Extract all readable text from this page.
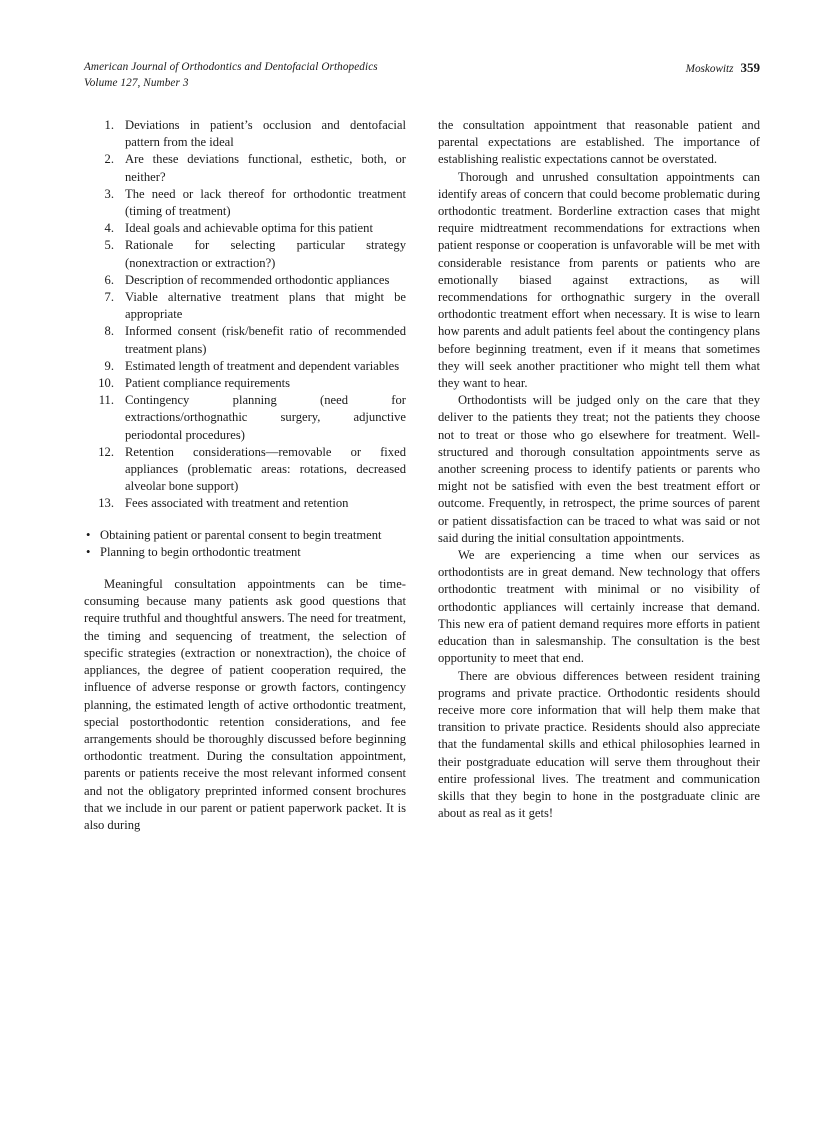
American Journal of Orthodontics and Dentofacial Orthopedics
Volume 127, Number 3
Moskowitz 359
1. Deviations in patient’s occlusion and dentofacial pattern from the ideal
2. Are these deviations functional, esthetic, both, or neither?
3. The need or lack thereof for orthodontic treatment (timing of treatment)
4. Ideal goals and achievable optima for this patient
5. Rationale for selecting particular strategy (nonextraction or extraction?)
6. Description of recommended orthodontic appliances
7. Viable alternative treatment plans that might be appropriate
8. Informed consent (risk/benefit ratio of recommended treatment plans)
9. Estimated length of treatment and dependent variables
10. Patient compliance requirements
11. Contingency planning (need for extractions/orthognathic surgery, adjunctive periodontal procedures)
12. Retention considerations—removable or fixed appliances (problematic areas: rotations, decreased alveolar bone support)
13. Fees associated with treatment and retention
• Obtaining patient or parental consent to begin treatment
• Planning to begin orthodontic treatment

Meaningful consultation appointments can be time-consuming because many patients ask good questions that require truthful and thoughtful answers. The need for treatment, the timing and sequencing of treatment, the selection of specific strategies (extraction or nonextraction), the choice of appliances, the degree of patient cooperation required, the influence of adverse response or growth factors, contingency planning, the estimated length of active orthodontic treatment, special postorthodontic retention considerations, and fee arrangements should be thoroughly discussed before beginning orthodontic treatment. During the consultation appointment, parents or patients receive the most relevant informed consent and not the obligatory preprinted informed consent brochures that we include in our parent or patient paperwork packet. It is also during

the consultation appointment that reasonable patient and parental expectations are established. The importance of establishing realistic expectations cannot be overstated.

Thorough and unrushed consultation appointments can identify areas of concern that could become problematic during orthodontic treatment. Borderline extraction cases that might require midtreatment recommendations for extractions when patient response or cooperation is unfavorable will be met with considerable resistance from parents or patients who are emotionally biased against extractions, as will recommendations for orthognathic surgery in the overall orthodontic treatment effort when necessary. It is wise to learn how parents and adult patients feel about the contingency plans before beginning treatment, even if it means that sometimes they will seek another practitioner who might tell them what they want to hear.

Orthodontists will be judged only on the care that they deliver to the patients they treat; not the patients they choose not to treat or those who go elsewhere for treatment. Well-structured and thorough consultation appointments serve as another screening process to identify patients or parents who might not be satisfied with even the best treatment effort or outcome. Frequently, in retrospect, the prime sources of parent or patient dissatisfaction can be traced to what was said or not said during the initial consultation appointments.

We are experiencing a time when our services as orthodontists are in great demand. New technology that offers orthodontic treatment with minimal or no visibility of orthodontic appliances will certainly increase that demand. This new era of patient demand requires more efforts in patient education than in salesmanship. The consultation is the best opportunity to meet that end.

There are obvious differences between resident training programs and private practice. Orthodontic residents should receive more core information that will help them make that transition to private practice. Residents should also appreciate that the fundamental skills and ethical philosophies learned in their postgraduate education will serve them throughout their entire professional lives. The treatment and communication skills that they begin to hone in the postgraduate clinic are about as real as it gets!
